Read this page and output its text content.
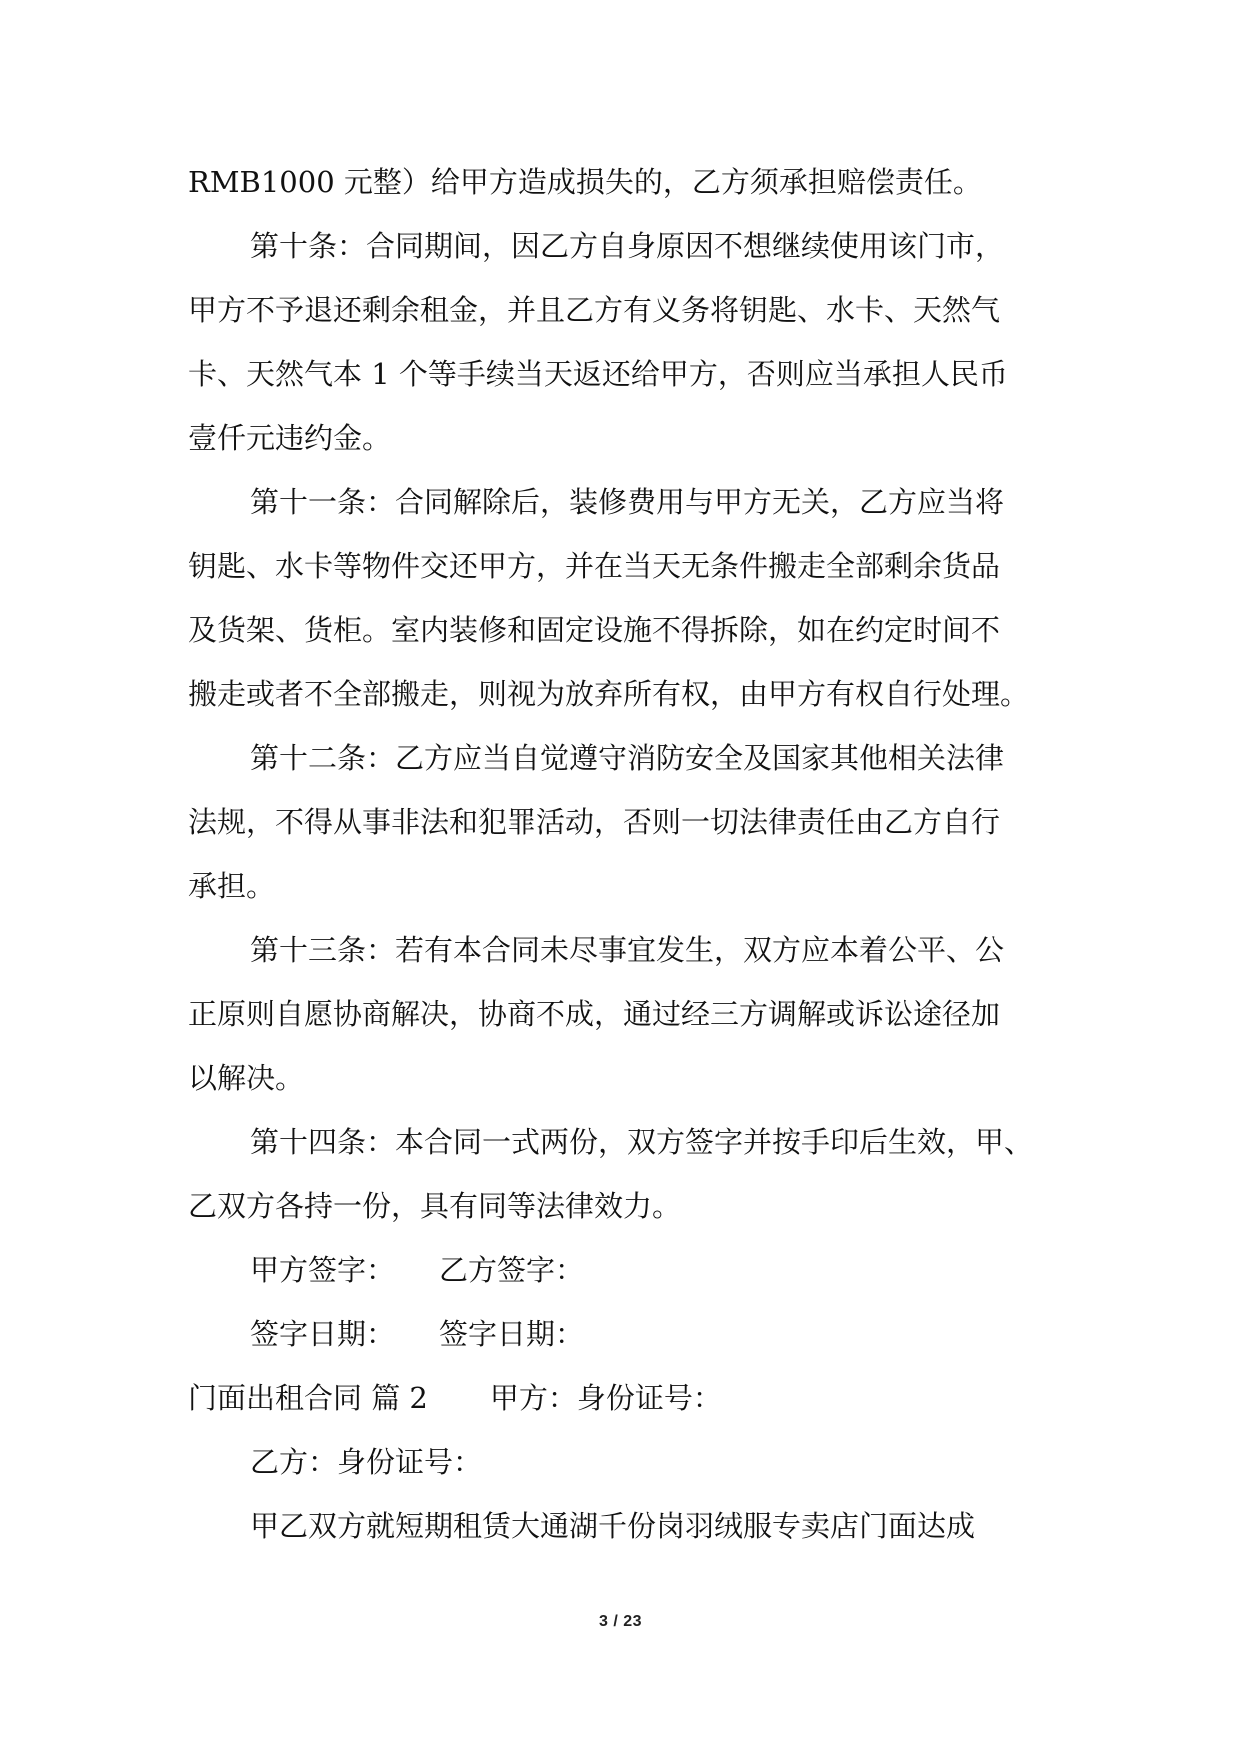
RMB1000 元整）给甲方造成损失的，乙方须承担赔偿责任。
第十条：合同期间，因乙方自身原因不想继续使用该门市，
甲方不予退还剩余租金，并且乙方有义务将钥匙、水卡、天然气
卡、天然气本 1 个等手续当天返还给甲方，否则应当承担人民币
壹仟元违约金。
第十一条：合同解除后，装修费用与甲方无关，乙方应当将
钥匙、水卡等物件交还甲方，并在当天无条件搬走全部剩余货品
及货架、货柜。室内装修和固定设施不得拆除，如在约定时间不
搬走或者不全部搬走，则视为放弃所有权，由甲方有权自行处理。
第十二条：乙方应当自觉遵守消防安全及国家其他相关法律
法规，不得从事非法和犯罪活动，否则一切法律责任由乙方自行
承担。
第十三条：若有本合同未尽事宜发生，双方应本着公平、公
正原则自愿协商解决，协商不成，通过经三方调解或诉讼途径加
以解决。
第十四条：本合同一式两份，双方签字并按手印后生效，甲、
乙双方各持一份，具有同等法律效力。
甲方签字： 乙方签字：
签字日期： 签字日期：
门面出租合同 篇 2 甲方：身份证号：
乙方：身份证号：
甲乙双方就短期租赁大通湖千份岗羽绒服专卖店门面达成
3 / 23
